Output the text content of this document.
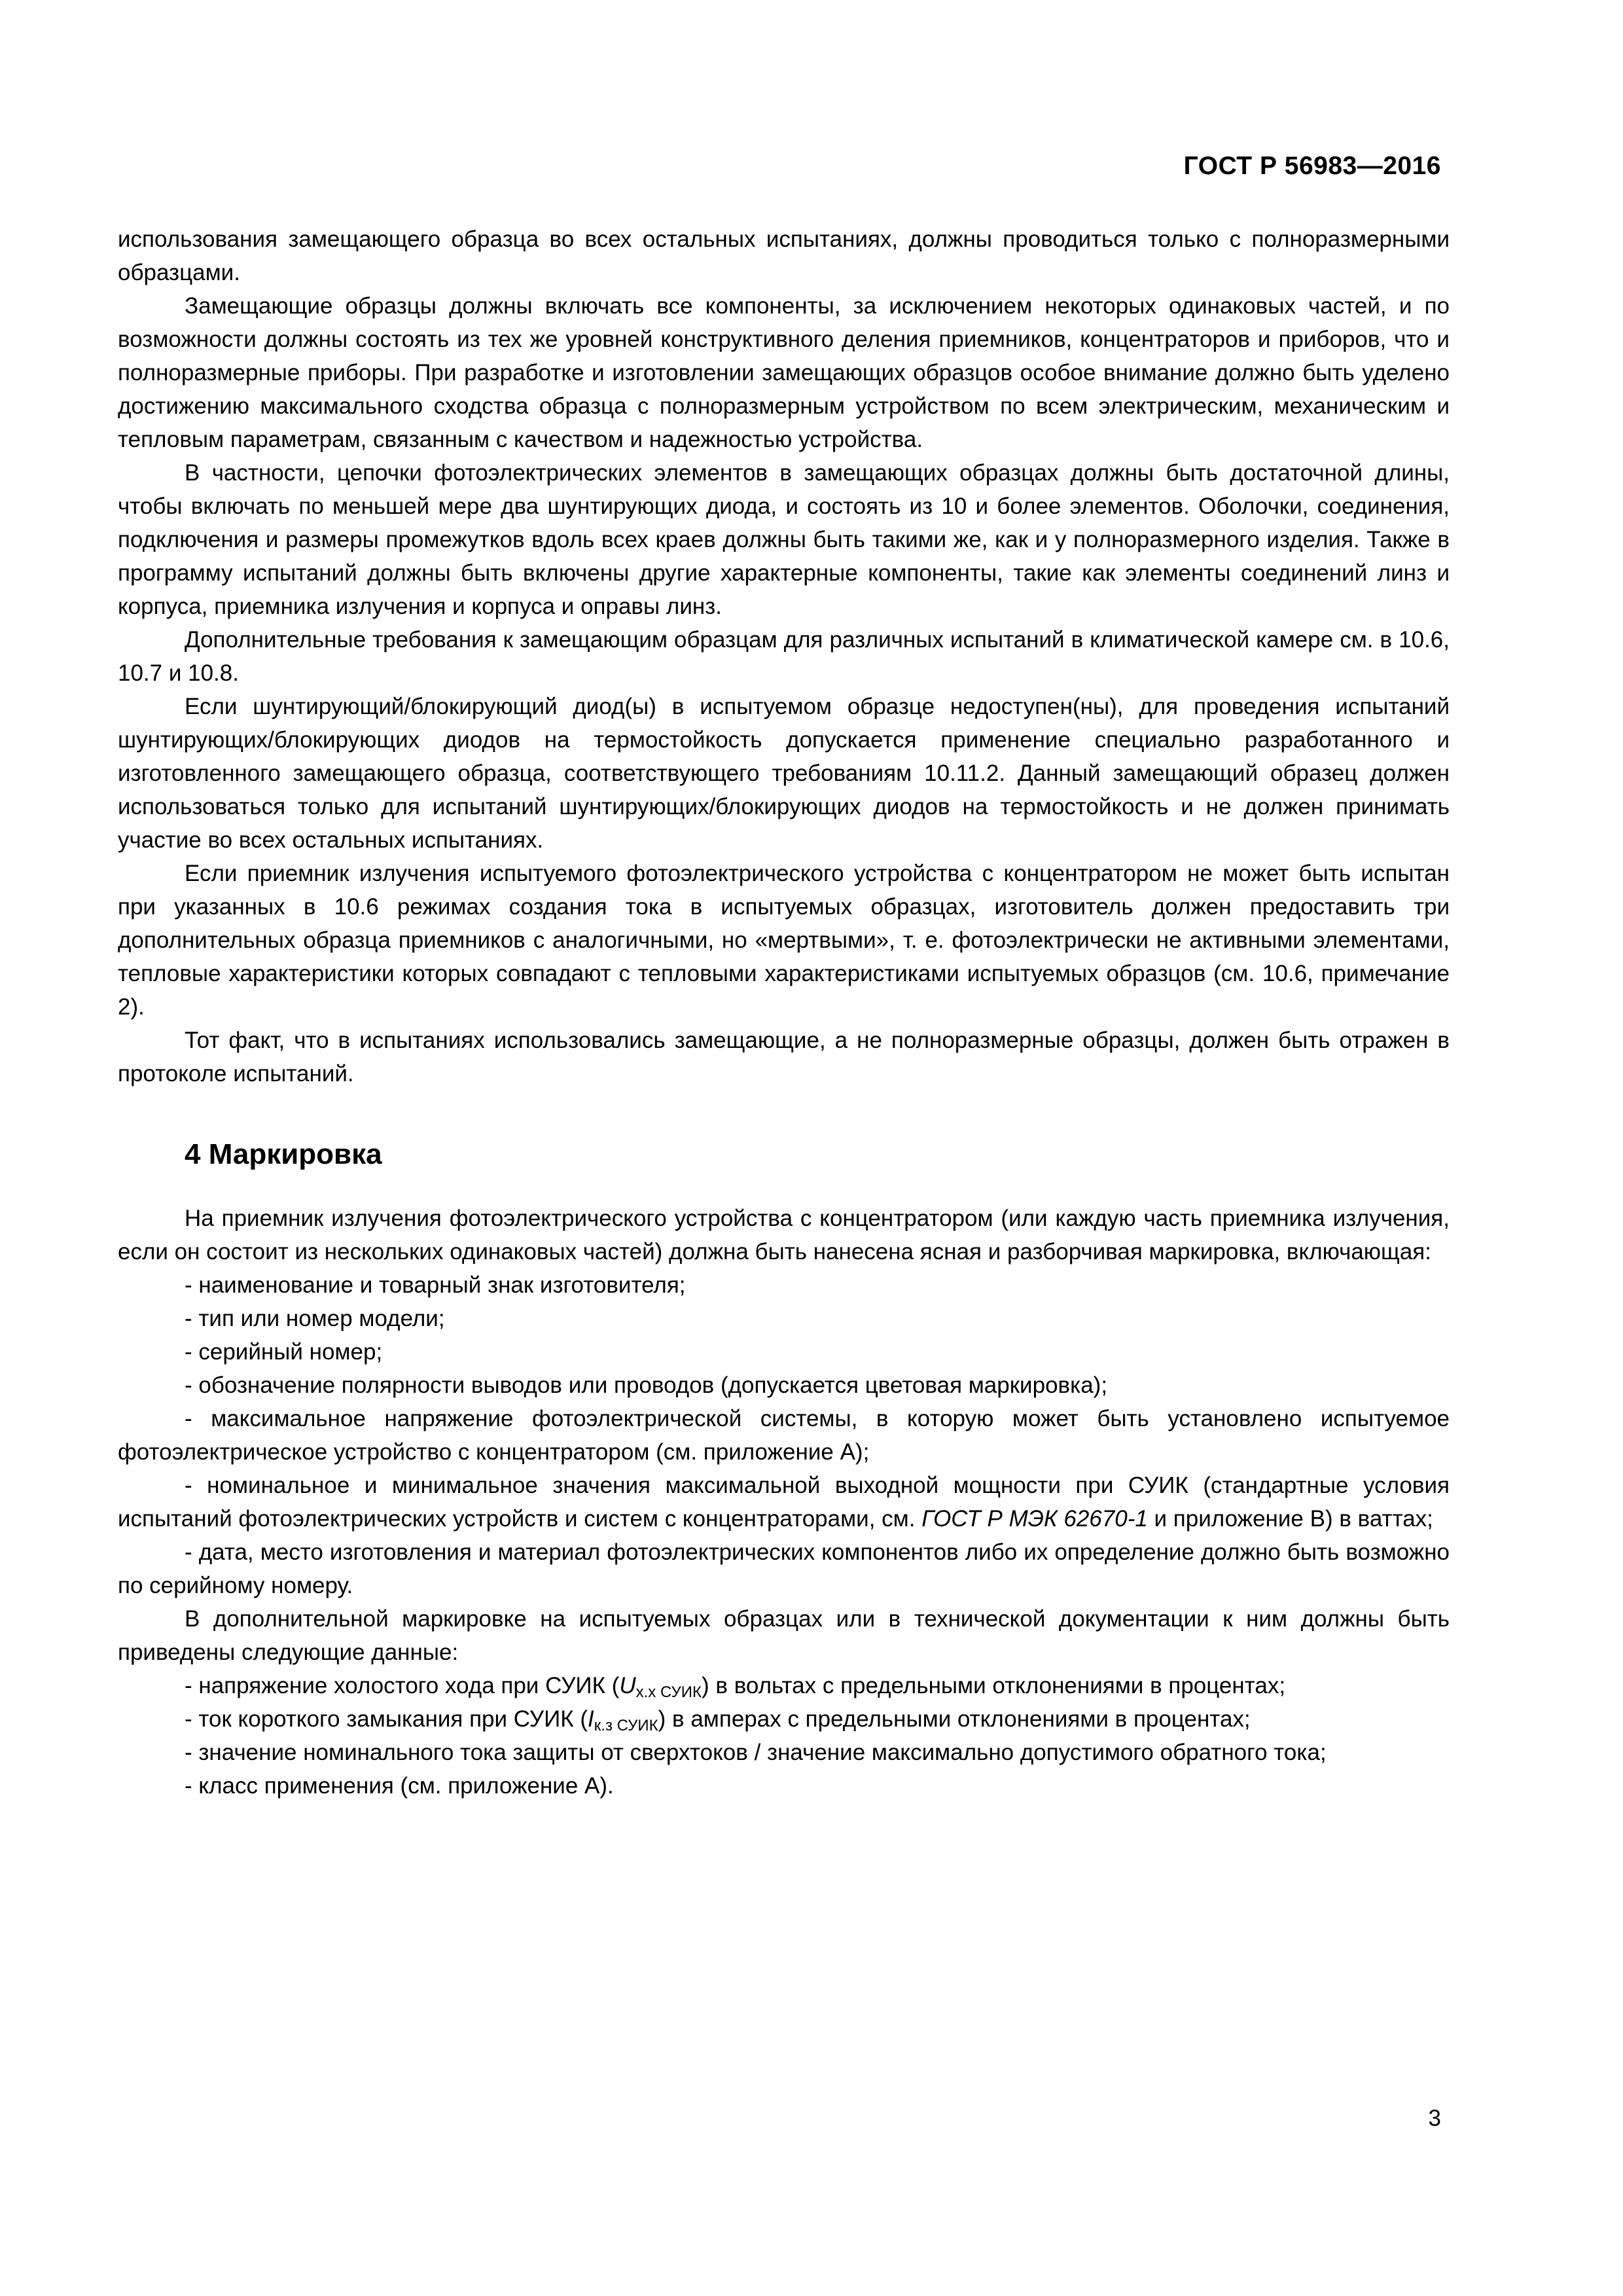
ГОСТ Р 56983—2016

использования замещающего образца во всех остальных испытаниях, должны проводиться только с полноразмерными образцами.

Замещающие образцы должны включать все компоненты, за исключением некоторых одинаковых частей, и по возможности должны состоять из тех же уровней конструктивного деления приемников, концентраторов и приборов, что и полноразмерные приборы. При разработке и изготовлении замещающих образцов особое внимание должно быть уделено достижению максимального сходства образца с полноразмерным устройством по всем электрическим, механическим и тепловым параметрам, связанным с качеством и надежностью устройства.

В частности, цепочки фотоэлектрических элементов в замещающих образцах должны быть достаточной длины, чтобы включать по меньшей мере два шунтирующих диода, и состоять из 10 и более элементов. Оболочки, соединения, подключения и размеры промежутков вдоль всех краев должны быть такими же, как и у полноразмерного изделия. Также в программу испытаний должны быть включены другие характерные компоненты, такие как элементы соединений линз и корпуса, приемника излучения и корпуса и оправы линз.

Дополнительные требования к замещающим образцам для различных испытаний в климатической камере см. в 10.6, 10.7 и 10.8.

Если шунтирующий/блокирующий диод(ы) в испытуемом образце недоступен(ны), для проведения испытаний шунтирующих/блокирующих диодов на термостойкость допускается применение специально разработанного и изготовленного замещающего образца, соответствующего требованиям 10.11.2. Данный замещающий образец должен использоваться только для испытаний шунтирующих/блокирующих диодов на термостойкость и не должен принимать участие во всех остальных испытаниях.

Если приемник излучения испытуемого фотоэлектрического устройства с концентратором не может быть испытан при указанных в 10.6 режимах создания тока в испытуемых образцах, изготовитель должен предоставить три дополнительных образца приемников с аналогичными, но «мертвыми», т. е. фотоэлектрически не активными элементами, тепловые характеристики которых совпадают с тепловыми характеристиками испытуемых образцов (см. 10.6, примечание 2).

Тот факт, что в испытаниях использовались замещающие, а не полноразмерные образцы, должен быть отражен в протоколе испытаний.

4 Маркировка

На приемник излучения фотоэлектрического устройства с концентратором (или каждую часть приемника излучения, если он состоит из нескольких одинаковых частей) должна быть нанесена ясная и разборчивая маркировка, включающая:

- наименование и товарный знак изготовителя;

- тип или номер модели;

- серийный номер;

- обозначение полярности выводов или проводов (допускается цветовая маркировка);

- максимальное напряжение фотоэлектрической системы, в которую может быть установлено испытуемое фотоэлектрическое устройство с концентратором (см. приложение А);

- номинальное и минимальное значения максимальной выходной мощности при СУИК (стандартные условия испытаний фотоэлектрических устройств и систем с концентраторами, см. ГОСТ Р МЭК 62670-1 и приложение В) в ваттах;

- дата, место изготовления и материал фотоэлектрических компонентов либо их определение должно быть возможно по серийному номеру.

В дополнительной маркировке на испытуемых образцах или в технической документации к ним должны быть приведены следующие данные:

- напряжение холостого хода при СУИК $(U_{х.х СУИК})$ в вольтах с предельными отклонениями в процентах;

- ток короткого замыкания при СУИК $(I_{к.з СУИК})$ в амперах с предельными отклонениями в процентах;

- значение номинального тока защиты от сверхтоков / значение максимально допустимого обратного тока;

- класс применения (см. приложение А).

3
